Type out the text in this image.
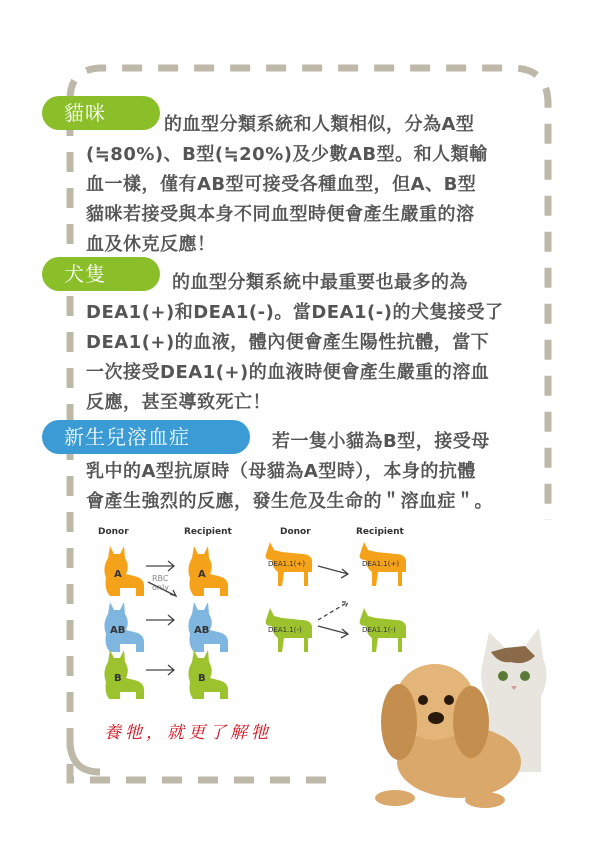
貓咪	的血型分類系統和人類相似，分為A型
(≒80%)、B型(≒20%)及少數AB型。和人類輸
血一樣，僅有AB型可接受各種血型，但A、B型
貓咪若接受與本身不同血型時便會產生嚴重的溶
血及休克反應！
犬隻	的血型分類系統中最重要也最多的為
DEA1(+)和DEA1(-)。當DEA1(-)的犬隻接受了
DEA1(+)的血液，體內便會產生陽性抗體，當下
一次接受DEA1(+)的血液時便會產生嚴重的溶血
反應，甚至導致死亡！
新生兒溶血症	若一隻小貓為B型，接受母
乳中的A型抗原時（母貓為A型時），本身的抗體
會產生強烈的反應，發生危及生命的＂溶血症＂。
Donor	Recipient	Donor	Recipient
A	A
RBC
only
AB	AB
B	B
DEA1.1(+)	DEA1.1(+)
DEA1.1(-)	DEA1.1(-)
養牠，就更了解牠
